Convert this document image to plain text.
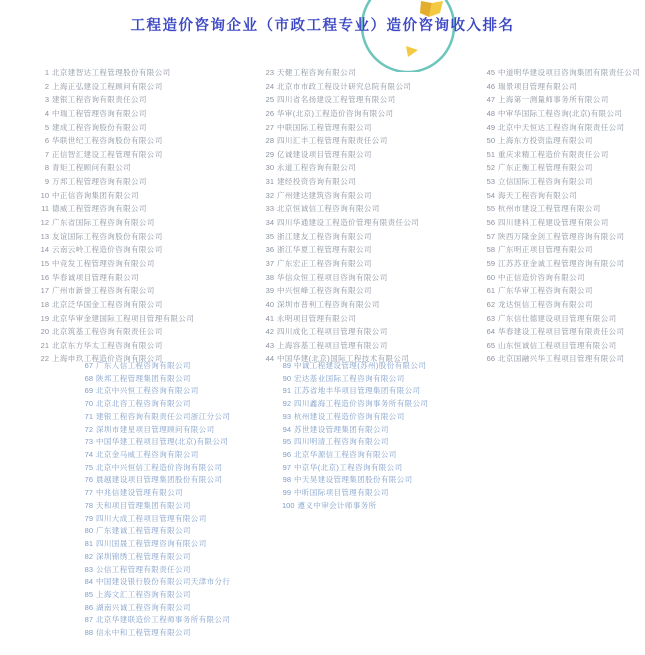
工程造价咨询企业（市政工程专业）造价咨询收入排名
1 北京建智达工程管理股份有限公司
2 上海正弘建设工程顾问有限公司
3 建银工程咨询有限责任公司
4 中瑞工程管理咨询有限公司
5 建成工程咨询股份有限公司
6 华联世纪工程咨询股份有限公司
7 正信智汇建设工程管理有限公司
8 青矩工程顾问有限公司
9 万邦工程管理咨询有限公司
10 中正信咨询集团有限公司
11 德威工程管理咨询有限公司
12 广东省国际工程咨询有限公司
13 友谊国际工程咨询股份有限公司
14 云南云岭工程造价咨询有限公司
15 中竞发工程管理咨询有限公司
16 华春诚项目管理有限公司
17 广州市新誉工程咨询有限公司
18 北京泛华国金工程咨询有限公司
19 北京华审金建国际工程项目管理有限公司
20 北京筑基工程咨询有限责任公司
21 北京东方华太工程咨询有限公司
22 上海申玖工程造价咨询有限公司
23 天健工程咨询有限公司
24 北京市市政工程设计研究总院有限公司
25 四川省名扬建设工程管理有限公司
26 华审(北京)工程造价咨询有限公司
27 中联国际工程管理有限公司
28 四川汇丰工程管理有限责任公司
29 亿诚建设项目管理有限公司
30 永道工程咨询有限公司
31 建经投资咨询有限公司
32 广州建达建筑咨询有限公司
33 北京恒诚信工程咨询有限公司
34 四川华通建设工程造价管理有限责任公司
35 浙江建友工程咨询有限公司
36 浙江华夏工程管理有限公司
37 广东宏正工程咨询有限公司
38 华信众恒工程项目咨询有限公司
39 中兴恒峰工程咨询有限公司
40 深圳市普利工程咨询有限公司
41 永明项目管理有限公司
42 四川成化工程项目管理有限公司
43 上海容基工程项目管理有限公司
44 中国华建(北京)国际工程技术有限公司
45 中道明华建设项目咨询集团有限责任公司
46 瑞景项目管理有限公司
47 上海第一测量师事务所有限公司
48 中审华国际工程咨询(北京)有限公司
49 北京中天恒达工程咨询有限责任公司
50 上海东方投资监理有限公司
51 重庆求精工程造价有限责任公司
52 广东正衡工程管理有限公司
53 立信国际工程咨询有限公司
54 海天工程咨询有限公司
55 杭州市建设工程管理有限公司
56 四川建科工程建设管理有限公司
57 陕西万隆金剑工程管理咨询有限公司
58 广东明正项目管理有限公司
59 江苏苏亚金诚工程管理咨询有限公司
60 中正信造价咨询有限公司
61 广东华审工程咨询有限公司
62 龙达恒信工程咨询有限公司
63 广东信仕德建设项目管理有限公司
64 华春建设工程项目管理有限责任公司
65 山东恒诚信工程项目管理有限公司
66 北京国融兴华工程项目管理有限公司
67 广东人信工程咨询有限公司
68 陕邦工程管理集团有限公司
69 北京中兴恒工程咨询有限公司
70 北京北咨工程咨询有限公司
71 建银工程咨询有限责任公司浙江分公司
72 深圳市建星项目管理顾问有限公司
73 中国华建工程项目管理(北京)有限公司
74 北京金马威工程咨询有限公司
75 北京中兴恒信工程造价咨询有限公司
76 晨越建设项目管理集团股份有限公司
77 中兆信建设管理有限公司
78 天和项目管理集团有限公司
79 四川大成工程项目管理有限公司
80 广东建诚工程管理有限公司
81 四川国晟工程管理咨询有限公司
82 深圳锦绣工程管理有限公司
83 公信工程管理有限责任公司
84 中国建设银行股份有限公司天津市分行
85 上海文汇工程咨询有限公司
86 湖南兴诚工程咨询有限公司
87 北京华建联造价工程师事务所有限公司
88 信永中和工程管理有限公司
89 中诚工程建设管理(苏州)股份有限公司
90 宏达基业国际工程咨询有限公司
91 江苏省地丰华项目管理集团有限公司
92 四川鑫海工程造价咨询事务所有限公司
93 杭州建设工程造价咨询有限公司
94 苏世建设管理集团有限公司
95 四川明清工程咨询有限公司
96 北京华源信工程咨询有限公司
97 中京华(北京)工程咨询有限公司
98 中天昊建设管理集团股份有限公司
99 中昕国际项目管理有限公司
100 遵义中审会计师事务所
